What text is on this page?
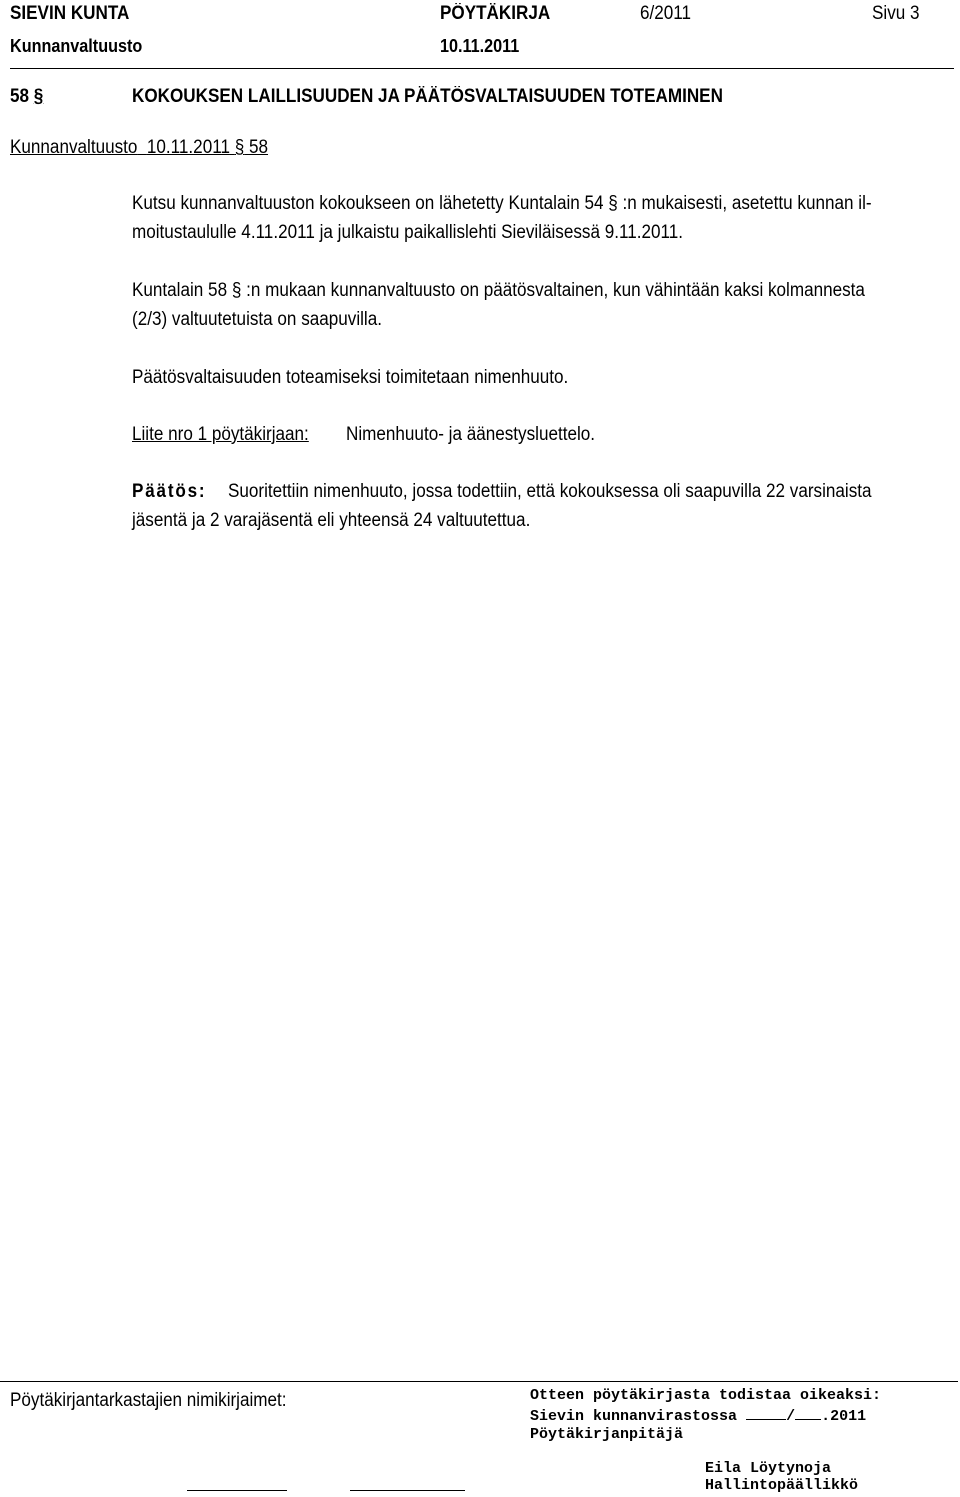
SIEVIN KUNTA	PÖYTÄKIRJA	6/2011	Sivu 3
Kunnanvaltuusto	10.11.2011
58 §	KOKOUKSEN LAILLISUUDEN JA PÄÄTÖSVALTAISUUDEN TOTEAMINEN
Kunnanvaltuusto 10.11.2011 § 58
Kutsu kunnanvaltuuston kokoukseen on lähetetty Kuntalain 54 § :n mukaisesti, asetettu kunnan il-
moitustaululle 4.11.2011 ja julkaistu paikallislehti Sieviläisessä 9.11.2011.
Kuntalain 58 § :n mukaan kunnanvaltuusto on päätösvaltainen, kun vähintään kaksi kolmannesta
(2/3) valtuutetuista on saapuvilla.
Päätösvaltaisuuden toteamiseksi toimitetaan nimenhuuto.
Liite nro 1 pöytäkirjaan: Nimenhuuto- ja äänestysluettelo.
Päätös: Suoritettiin nimenhuuto, jossa todettiin, että kokouksessa oli saapuvilla 22 varsinaista
jäsentä ja 2 varajäsentä eli yhteensä 24 valtuutettua.
Pöytäkirjantarkastajien nimikirjaimet:	Otteen pöytäkirjasta todistaa oikeaksi:
Sievin kunnanvirastossa	/ .2011
Pöytäkirjanpitäjä
Eila Löytynoja
Hallintopäällikkö
